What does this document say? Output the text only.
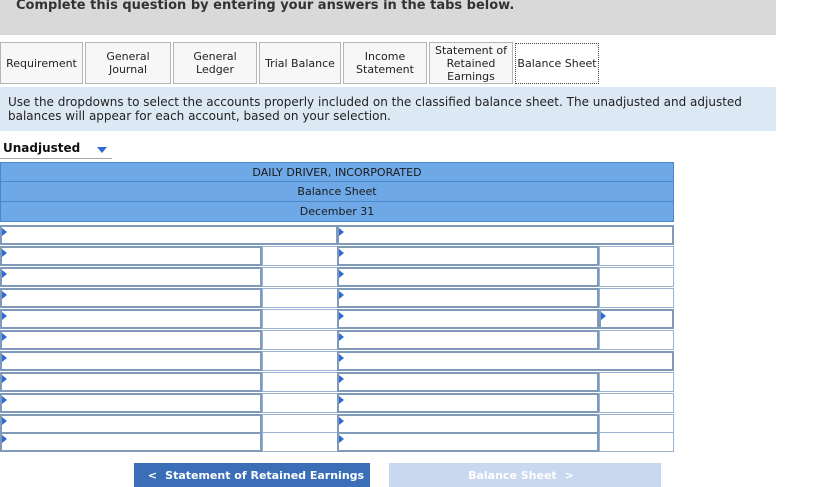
Complete this question by entering your answers in the tabs below.
Requirement	General Journal
General Ledger	Trial Balance	Income Statement
Statement of Retained Earnings
Balance Sheet
Use the dropdowns to select the accounts properly included on the classified balance sheet. The unadjusted and adjusted balances will appear for each account, based on your selection.
Unadjusted
DAILY DRIVER, INCORPORATED
Balance Sheet
December 31
< Statement of Retained Earnings	Balance Sheet >
